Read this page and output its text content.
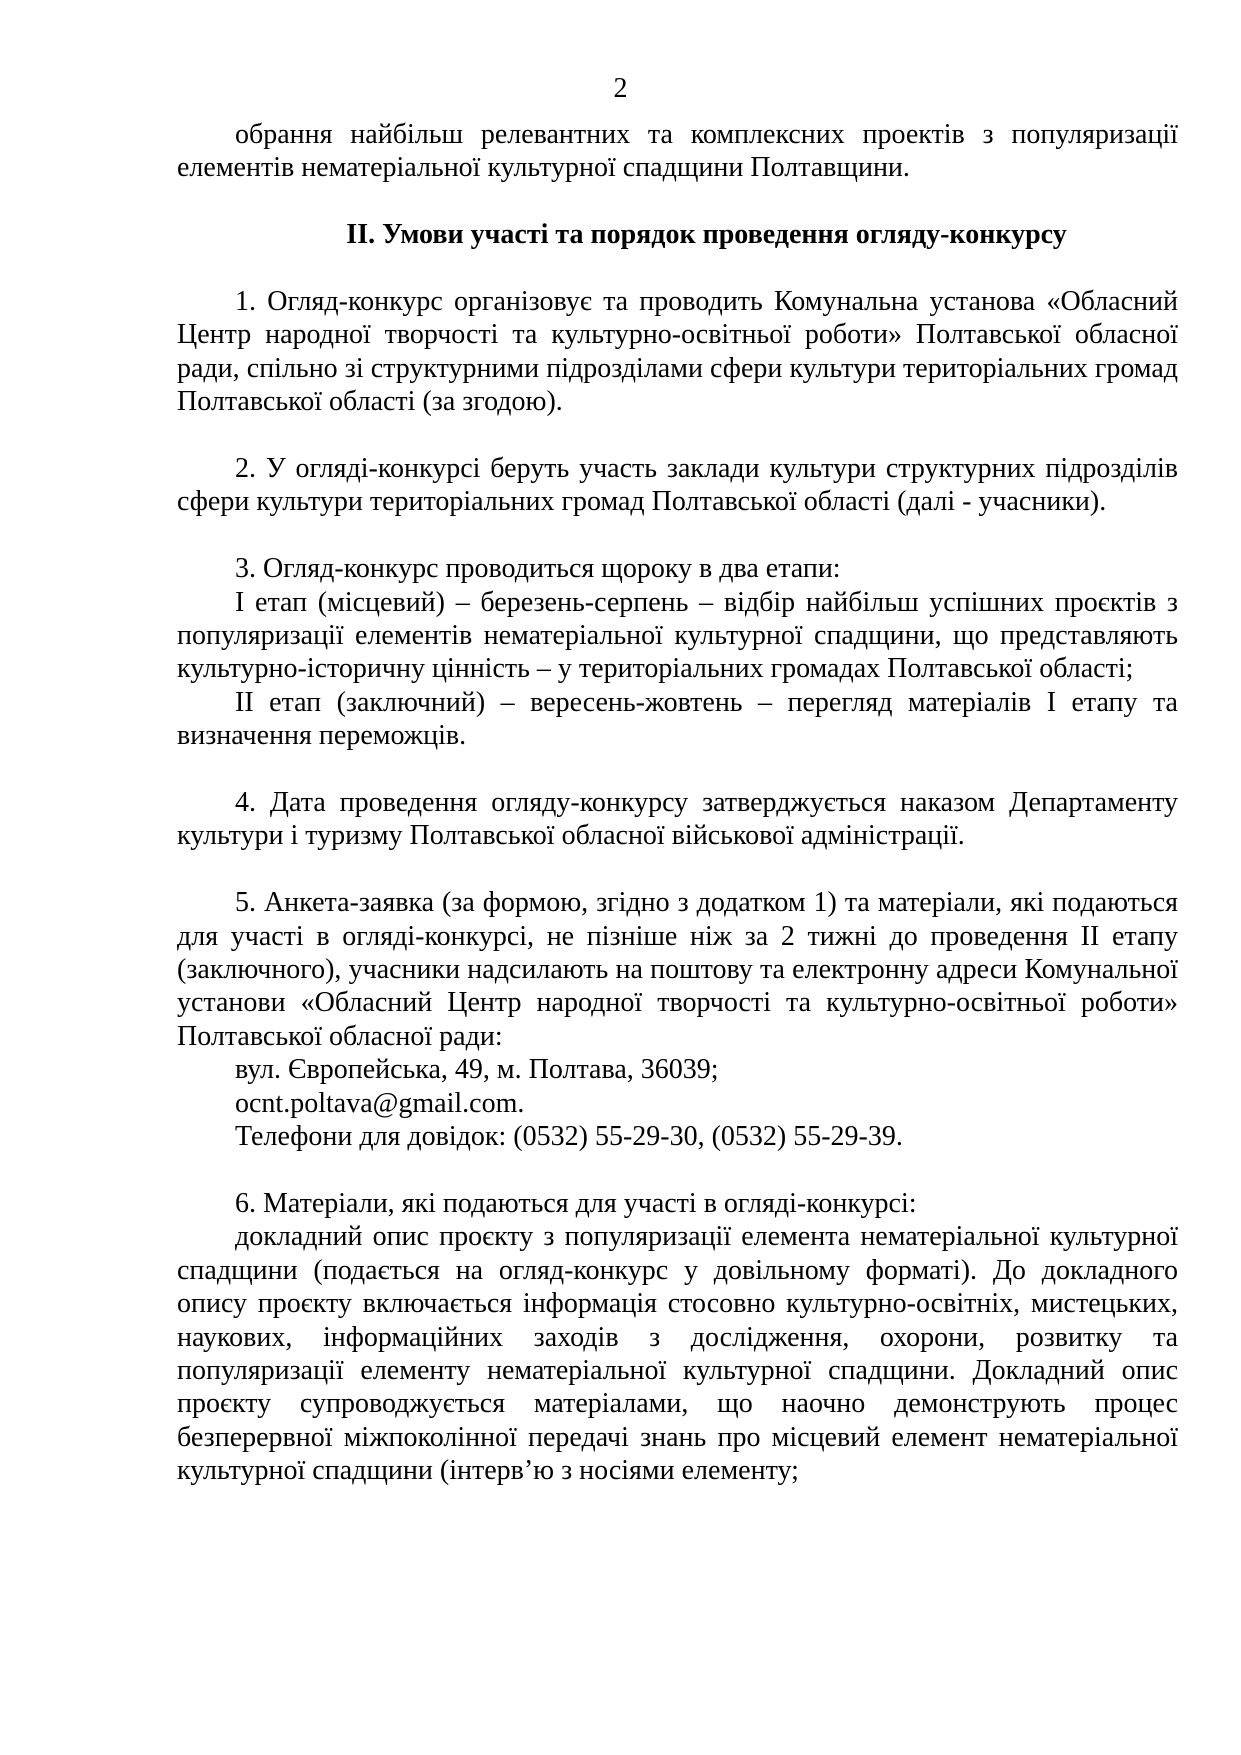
2

обрання найбільш релевантних та комплексних проектів з популяризації елементів нематеріальної культурної спадщини Полтавщини.

ІІ. Умови участі та порядок проведення огляду-конкурсу

1. Огляд-конкурс організовує та проводить Комунальна установа «Обласний Центр народної творчості та культурно-освітньої роботи» Полтавської обласної ради, спільно зі структурними підрозділами сфери культури територіальних громад Полтавської області (за згодою).

2. У огляді-конкурсі беруть участь заклади культури структурних підрозділів сфери культури територіальних громад Полтавської області (далі - учасники).

3. Огляд-конкурс проводиться щороку в два етапи:

І етап (місцевий) – березень-серпень – відбір найбільш успішних проєктів з популяризації елементів нематеріальної культурної спадщини, що представляють культурно-історичну цінність – у територіальних громадах Полтавської області;

ІІ етап (заключний) – вересень-жовтень – перегляд матеріалів І етапу та визначення переможців.

4. Дата проведення огляду-конкурсу затверджується наказом Департаменту культури і туризму Полтавської обласної військової адміністрації.

5. Анкета-заявка (за формою, згідно з додатком 1) та матеріали, які подаються для участі в огляді-конкурсі, не пізніше ніж за 2 тижні до проведення ІІ етапу (заключного), учасники надсилають на поштову та електронну адреси Комунальної установи «Обласний Центр народної творчості та культурно-освітньої роботи» Полтавської обласної ради:

вул. Європейська, 49, м. Полтава, 36039;

ocnt.poltava@gmail.com.

Телефони для довідок: (0532) 55-29-30, (0532) 55-29-39.

6. Матеріали, які подаються для участі в огляді-конкурсі:

докладний опис проєкту з популяризації елемента нематеріальної культурної спадщини (подається на огляд-конкурс у довільному форматі). До докладного опису проєкту включається інформація стосовно культурно-освітніх, мистецьких, наукових, інформаційних заходів з дослідження, охорони, розвитку та популяризації елементу нематеріальної культурної спадщини. Докладний опис проєкту супроводжується матеріалами, що наочно демонструють процес безперервної міжпоколінної передачі знань про місцевий елемент нематеріальної культурної спадщини (інтерв’ю з носіями елементу;
